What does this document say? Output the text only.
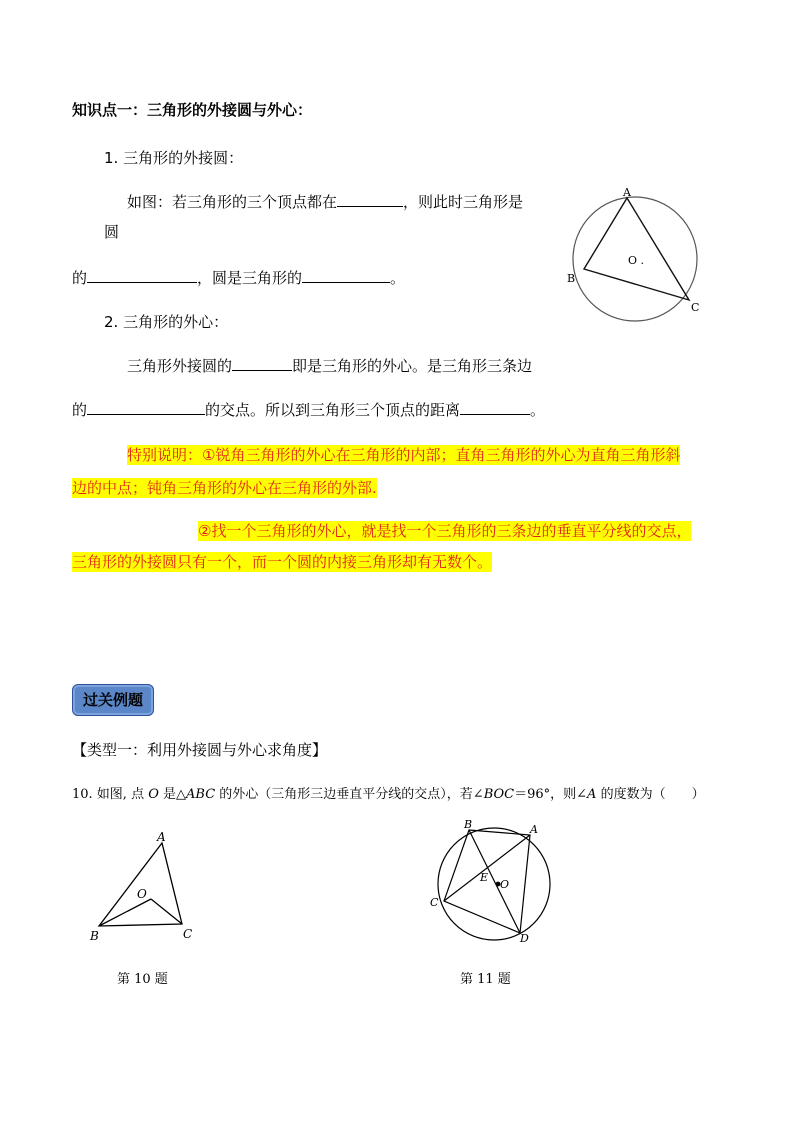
知识点一：三角形的外接圆与外心：
1. 三角形的外接圆：
如图：若三角形的三个顶点都在	，则此时三角形是
圆
的	，圆是三角形的	。
A
B
C
O .
2. 三角形的外心：
三角形外接圆的	即是三角形的外心。是三角形三条边
的	的交点。所以到三角形三个顶点的距离	。
特别说明：①锐角三角形的外心在三角形的内部；直角三角形的外心为直角三角形斜
边的中点；钝角三角形的外心在三角形的外部.
②找一个三角形的外心，就是找一个三角形的三条边的垂直平分线的交点，
三角形的外接圆只有一个，而一个圆的内接三角形却有无数个。
过关例题
【类型一：利用外接圆与外心求角度】
10. 如图, 点 O 是△ABC 的外心（三角形三边垂直平分线的交点），若∠BOC＝96°，则∠A 的度数为（　　）
A
B	C
O
第 10 题
B	A
C
D
E
O
第 11 题
